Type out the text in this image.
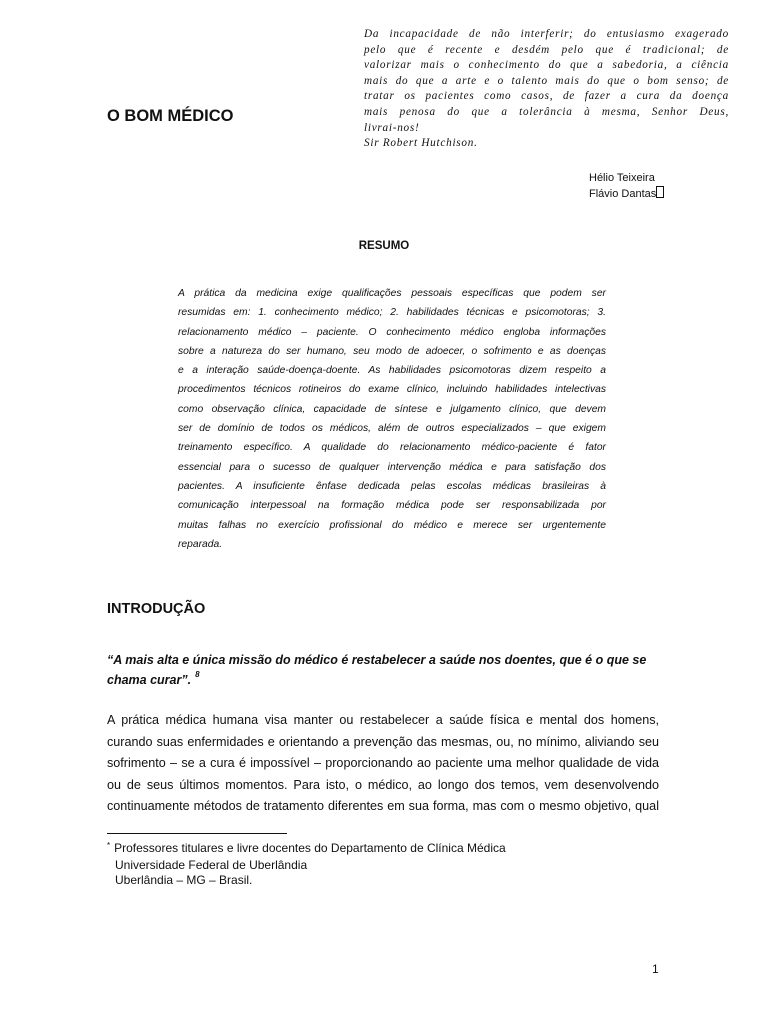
Da incapacidade de não interferir; do entusiasmo exagerado
pelo que é recente e desdém pelo que é tradicional; de
valorizar mais o conhecimento do que a sabedoria, a ciência
mais do que a arte e o talento mais do que o bom senso; de
tratar os pacientes como casos, de fazer a cura da doença
mais penosa do que a tolerância à mesma, Senhor Deus,
livrai-nos!
Sir Robert Hutchison.
O BOM MÉDICO
Hélio Teixeira
Flávio Dantas
RESUMO
A prática da medicina exige qualificações pessoais específicas que podem ser
resumidas em: 1. conhecimento médico; 2. habilidades técnicas e psicomotoras; 3.
relacionamento médico – paciente. O conhecimento médico engloba informações
sobre a natureza do ser humano, seu modo de adoecer, o sofrimento e as doenças
e a interação saúde-doença-doente. As habilidades psicomotoras dizem respeito a
procedimentos técnicos rotineiros do exame clínico, incluindo habilidades intelectivas
como observação clínica, capacidade de síntese e julgamento clínico, que devem
ser de domínio de todos os médicos, além de outros especializados – que exigem
treinamento específico. A qualidade do relacionamento médico-paciente é fator
essencial para o sucesso de qualquer intervenção médica e para satisfação dos
pacientes. A insuficiente ênfase dedicada pelas escolas médicas brasileiras à
comunicação interpessoal na formação médica pode ser responsabilizada por
muitas falhas no exercício profissional do médico e merece ser urgentemente
reparada.
INTRODUÇÃO
“A mais alta e única missão do médico é restabelecer a saúde nos doentes, que é o que se
chama curar”. $^8$
A prática médica humana visa manter ou restabelecer a saúde física e mental dos homens,
curando suas enfermidades e orientando a prevenção das mesmas, ou, no mínimo, aliviando seu
sofrimento – se a cura é impossível – proporcionando ao paciente uma melhor qualidade de vida
ou de seus últimos momentos. Para isto, o médico, ao longo dos temos, vem desenvolvendo
continuamente métodos de tratamento diferentes em sua forma, mas com o mesmo objetivo, qual
* Professores titulares e livre docentes do Departamento de Clínica Médica
Universidade Federal de Uberlândia
Uberlândia – MG – Brasil.
1
